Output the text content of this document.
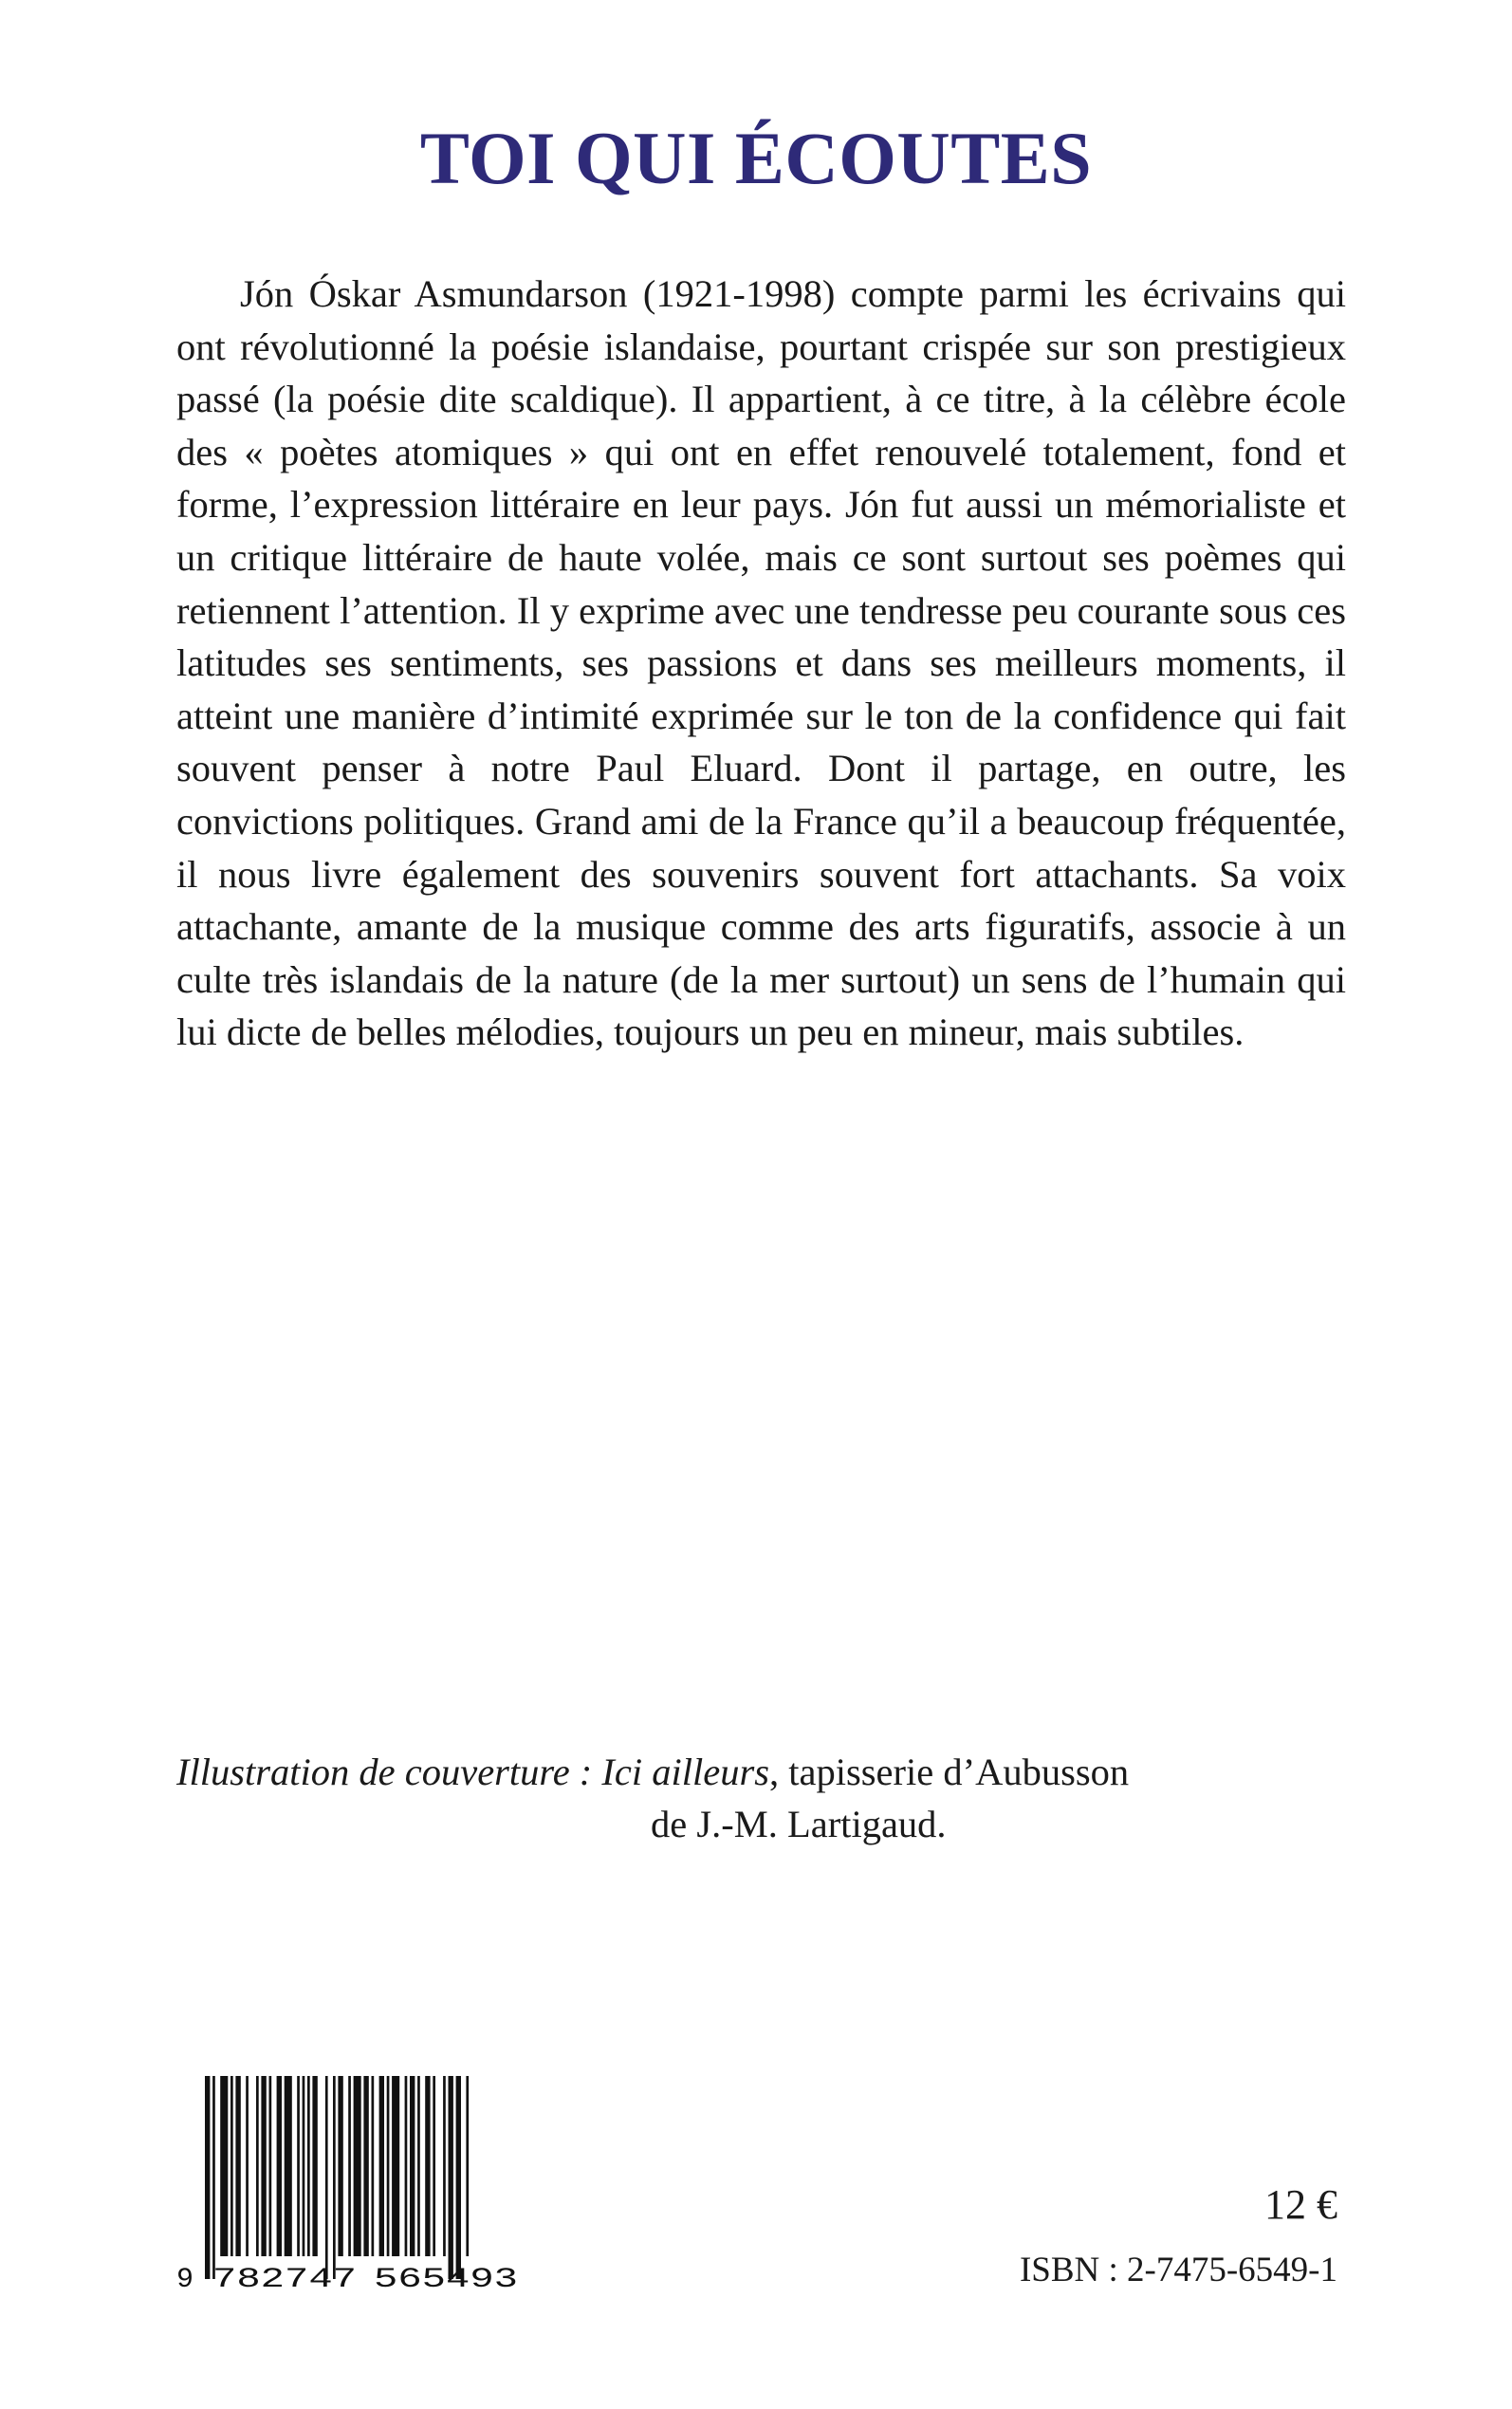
TOI QUI ÉCOUTES

Jón Óskar Asmundarson (1921-1998) compte parmi les écrivains qui ont révolutionné la poésie islandaise, pourtant crispée sur son prestigieux passé (la poésie dite scaldique). Il appartient, à ce titre, à la célèbre école des « poètes atomiques » qui ont en effet renouvelé totalement, fond et forme, l’expression littéraire en leur pays. Jón fut aussi un mémorialiste et un critique littéraire de haute volée, mais ce sont surtout ses poèmes qui retiennent l’attention. Il y exprime avec une tendresse peu courante sous ces latitudes ses sentiments, ses passions et dans ses meilleurs moments, il atteint une manière d’intimité exprimée sur le ton de la confidence qui fait souvent penser à notre Paul Eluard. Dont il partage, en outre, les convictions politiques. Grand ami de la France qu’il a beaucoup fréquentée, il nous livre également des souvenirs souvent fort attachants. Sa voix attachante, amante de la musique comme des arts figuratifs, associe à un culte très islandais de la nature (de la mer surtout) un sens de l’humain qui lui dicte de belles mélodies, toujours un peu en mineur, mais subtiles.

Illustration de couverture : Ici ailleurs, tapisserie d’Aubusson
de J.-M. Lartigaud.
9 782747 565493
12 €
ISBN : 2-7475-6549-1
